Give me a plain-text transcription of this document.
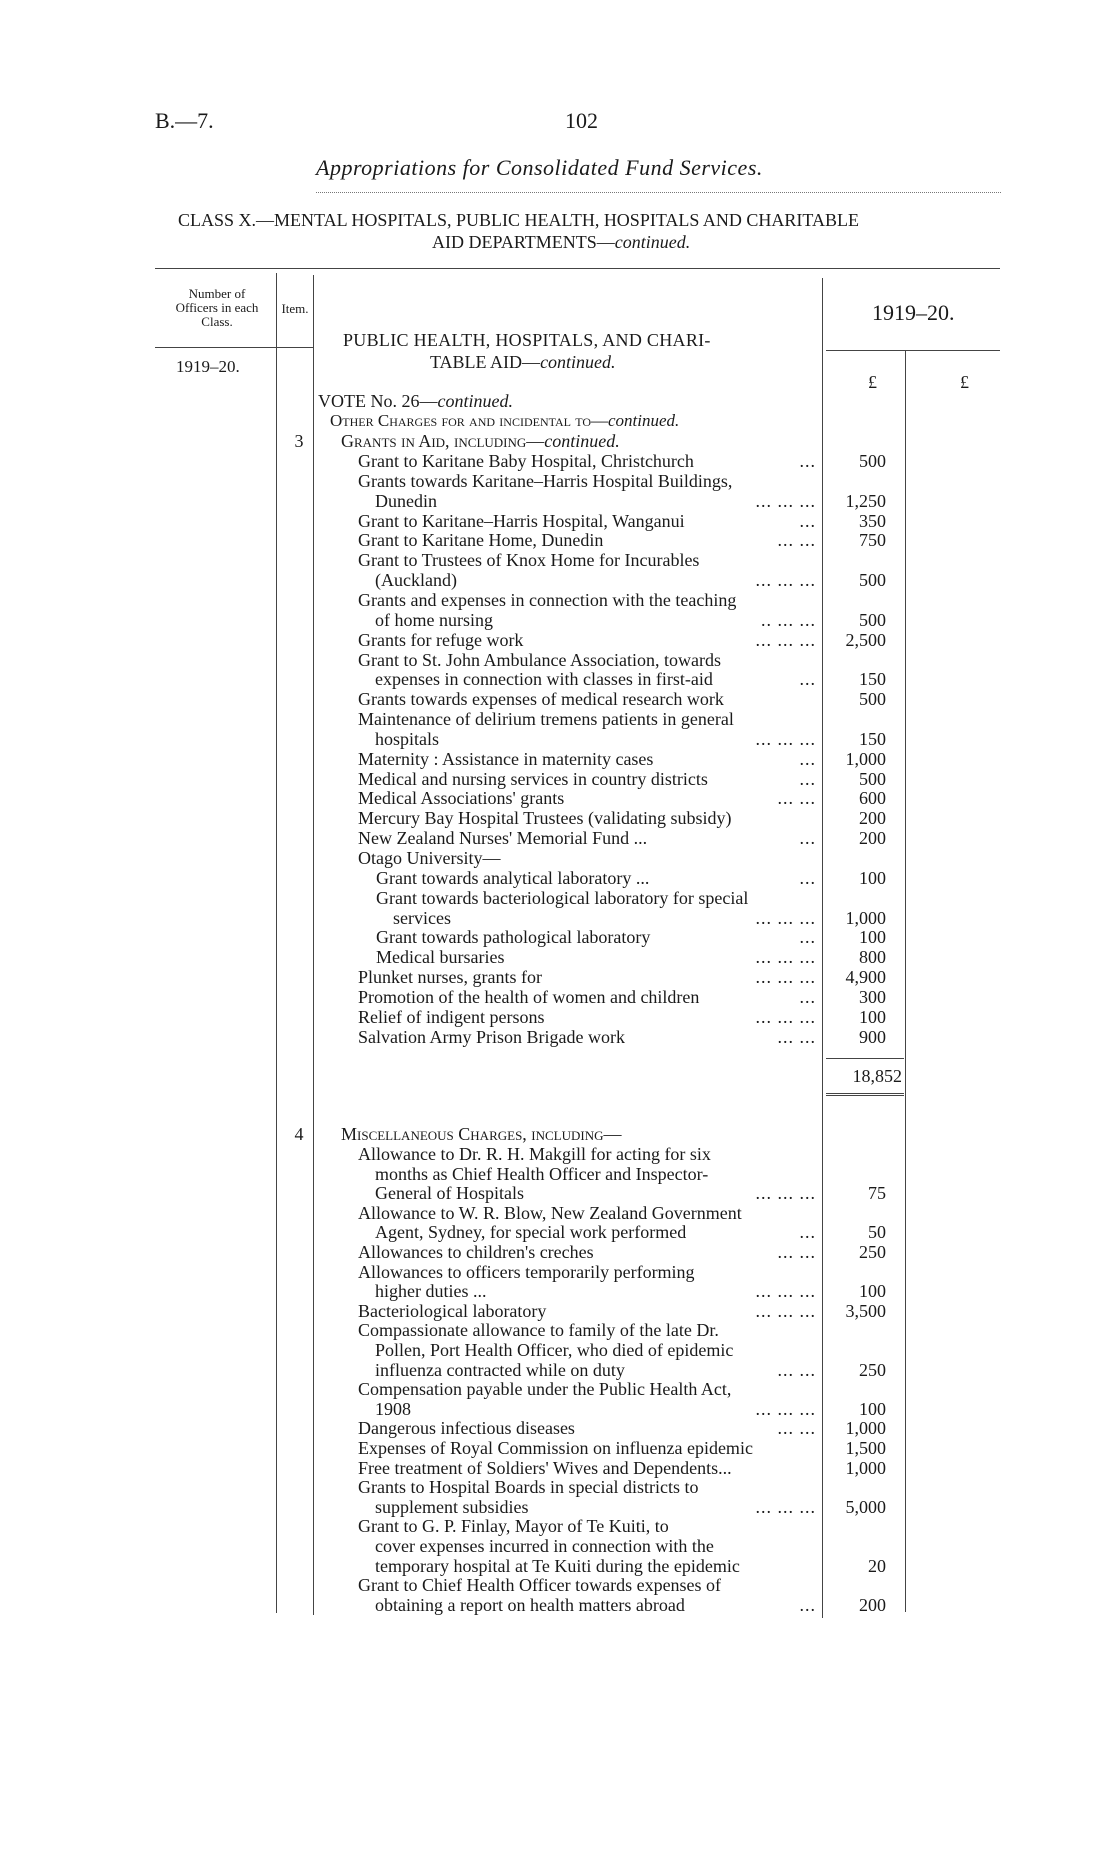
B.—7.	102
Appropriations for Consolidated Fund Services.
CLASS X.—MENTAL HOSPITALS, PUBLIC HEALTH, HOSPITALS AND CHARITABLE
AID DEPARTMENTS—continued.
Number of
Officers in each
Class.
1919–20.
Item.	1919–20.
£	£
PUBLIC HEALTH, HOSPITALS, AND CHARI-
TABLE AID—continued.
VOTE No. 26—continued.
Other Charges for and incidental to—continued.
3	Grants in Aid, including—continued.
Grant to Karitane Baby Hospital, Christchurch	...	500
Grants towards Karitane–Harris Hospital Buildings,
Dunedin	... ... ...	1,250
Grant to Karitane–Harris Hospital, Wanganui	...	350
Grant to Karitane Home, Dunedin	... ...	750
Grant to Trustees of Knox Home for Incurables
(Auckland)	... ... ...	500
Grants and expenses in connection with the teaching
of home nursing	.. ... ...	500
Grants for refuge work	... ... ...	2,500
Grant to St. John Ambulance Association, towards
expenses in connection with classes in first-aid	...	150
Grants towards expenses of medical research work	500
Maintenance of delirium tremens patients in general
hospitals	... ... ...	150
Maternity : Assistance in maternity cases	...	1,000
Medical and nursing services in country districts	...	500
Medical Associations' grants	... ...	600
Mercury Bay Hospital Trustees (validating subsidy)	200
New Zealand Nurses' Memorial Fund ...	...	200
Otago University—
Grant towards analytical laboratory ...	...	100
Grant towards bacteriological laboratory for special
services	... ... ...	1,000
Grant towards pathological laboratory	...	100
Medical bursaries	... ... ...	800
Plunket nurses, grants for	... ... ...	4,900
Promotion of the health of women and children	...	300
Relief of indigent persons	... ... ...	100
Salvation Army Prison Brigade work	... ...	900
18,852
4	Miscellaneous Charges, including—
Allowance to Dr. R. H. Makgill for acting for six
months as Chief Health Officer and Inspector-
General of Hospitals	... ... ...	75
Allowance to W. R. Blow, New Zealand Government
Agent, Sydney, for special work performed	...	50
Allowances to children's creches	... ...	250
Allowances to officers temporarily performing
higher duties ...	... ... ...	100
Bacteriological laboratory	... ... ...	3,500
Compassionate allowance to family of the late Dr.
Pollen, Port Health Officer, who died of epidemic
influenza contracted while on duty	... ...	250
Compensation payable under the Public Health Act,
1908	... ... ...	100
Dangerous infectious diseases	... ...	1,000
Expenses of Royal Commission on influenza epidemic	1,500
Free treatment of Soldiers' Wives and Dependents...	1,000
Grants to Hospital Boards in special districts to
supplement subsidies	... ... ...	5,000
Grant to G. P. Finlay, Mayor of Te Kuiti, to
cover expenses incurred in connection with the
temporary hospital at Te Kuiti during the epidemic	20
Grant to Chief Health Officer towards expenses of
obtaining a report on health matters abroad	...	200
